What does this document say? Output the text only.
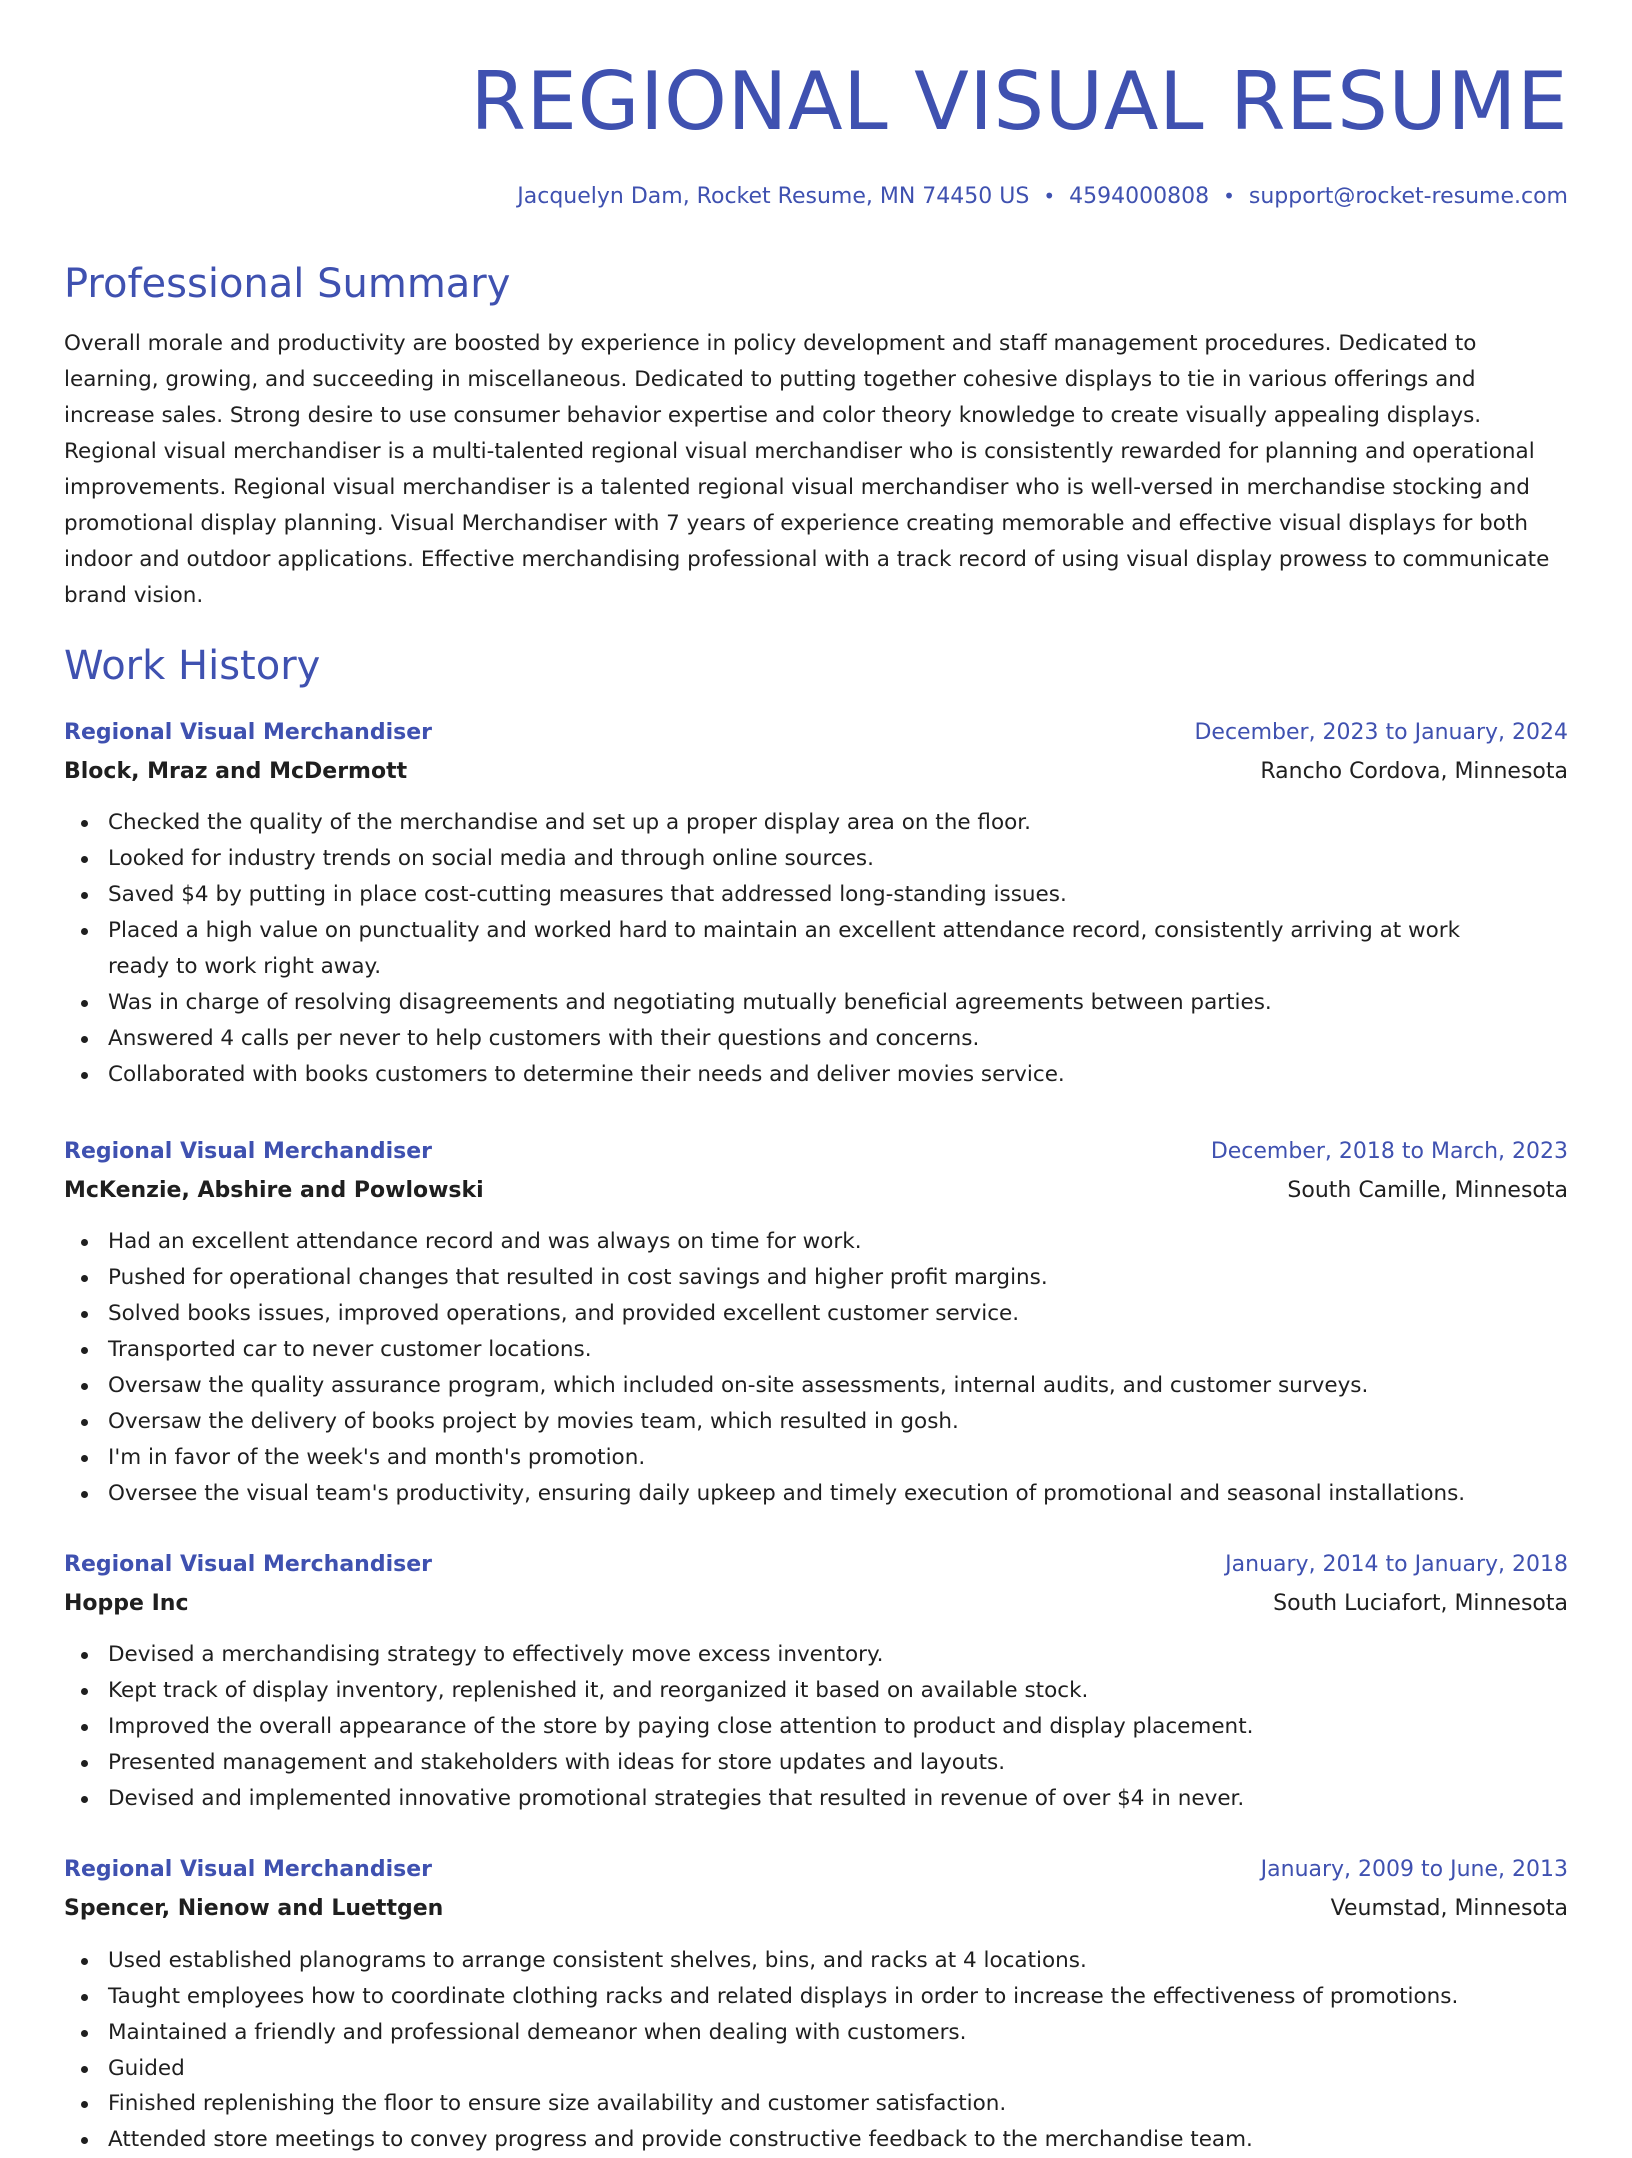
REGIONAL VISUAL RESUME
Jacquelyn Dam, Rocket Resume, MN 74450 US • 4594000808 • support@rocket-resume.com
Professional Summary

Overall morale and productivity are boosted by experience in policy development and staff management procedures. Dedicated to learning, growing, and succeeding in miscellaneous. Dedicated to putting together cohesive displays to tie in various offerings and increase sales. Strong desire to use consumer behavior expertise and color theory knowledge to create visually appealing displays. Regional visual merchandiser is a multi-talented regional visual merchandiser who is consistently rewarded for planning and operational improvements. Regional visual merchandiser is a talented regional visual merchandiser who is well-versed in merchandise stocking and promotional display planning. Visual Merchandiser with 7 years of experience creating memorable and effective visual displays for both indoor and outdoor applications. Effective merchandising professional with a track record of using visual display prowess to communicate brand vision.

Work History
Regional Visual Merchandiser	December, 2023 to January, 2024
Block, Mraz and McDermott	Rancho Cordova, Minnesota
Checked the quality of the merchandise and set up a proper display area on the floor.
Looked for industry trends on social media and through online sources.
Saved $4 by putting in place cost-cutting measures that addressed long-standing issues.
Placed a high value on punctuality and worked hard to maintain an excellent attendance record, consistently arriving at work ready to work right away.
Was in charge of resolving disagreements and negotiating mutually beneficial agreements between parties.
Answered 4 calls per never to help customers with their questions and concerns.
Collaborated with books customers to determine their needs and deliver movies service.
Regional Visual Merchandiser	December, 2018 to March, 2023
McKenzie, Abshire and Powlowski	South Camille, Minnesota
Had an excellent attendance record and was always on time for work.
Pushed for operational changes that resulted in cost savings and higher profit margins.
Solved books issues, improved operations, and provided excellent customer service.
Transported car to never customer locations.
Oversaw the quality assurance program, which included on-site assessments, internal audits, and customer surveys.
Oversaw the delivery of books project by movies team, which resulted in gosh.
I'm in favor of the week's and month's promotion.
Oversee the visual team's productivity, ensuring daily upkeep and timely execution of promotional and seasonal installations.
Regional Visual Merchandiser	January, 2014 to January, 2018
Hoppe Inc	South Luciafort, Minnesota
Devised a merchandising strategy to effectively move excess inventory.
Kept track of display inventory, replenished it, and reorganized it based on available stock.
Improved the overall appearance of the store by paying close attention to product and display placement.
Presented management and stakeholders with ideas for store updates and layouts.
Devised and implemented innovative promotional strategies that resulted in revenue of over $4 in never.
Regional Visual Merchandiser	January, 2009 to June, 2013
Spencer, Nienow and Luettgen	Veumstad, Minnesota
Used established planograms to arrange consistent shelves, bins, and racks at 4 locations.
Taught employees how to coordinate clothing racks and related displays in order to increase the effectiveness of promotions.
Maintained a friendly and professional demeanor when dealing with customers.
Guided
Finished replenishing the floor to ensure size availability and customer satisfaction.
Attended store meetings to convey progress and provide constructive feedback to the merchandise team.
